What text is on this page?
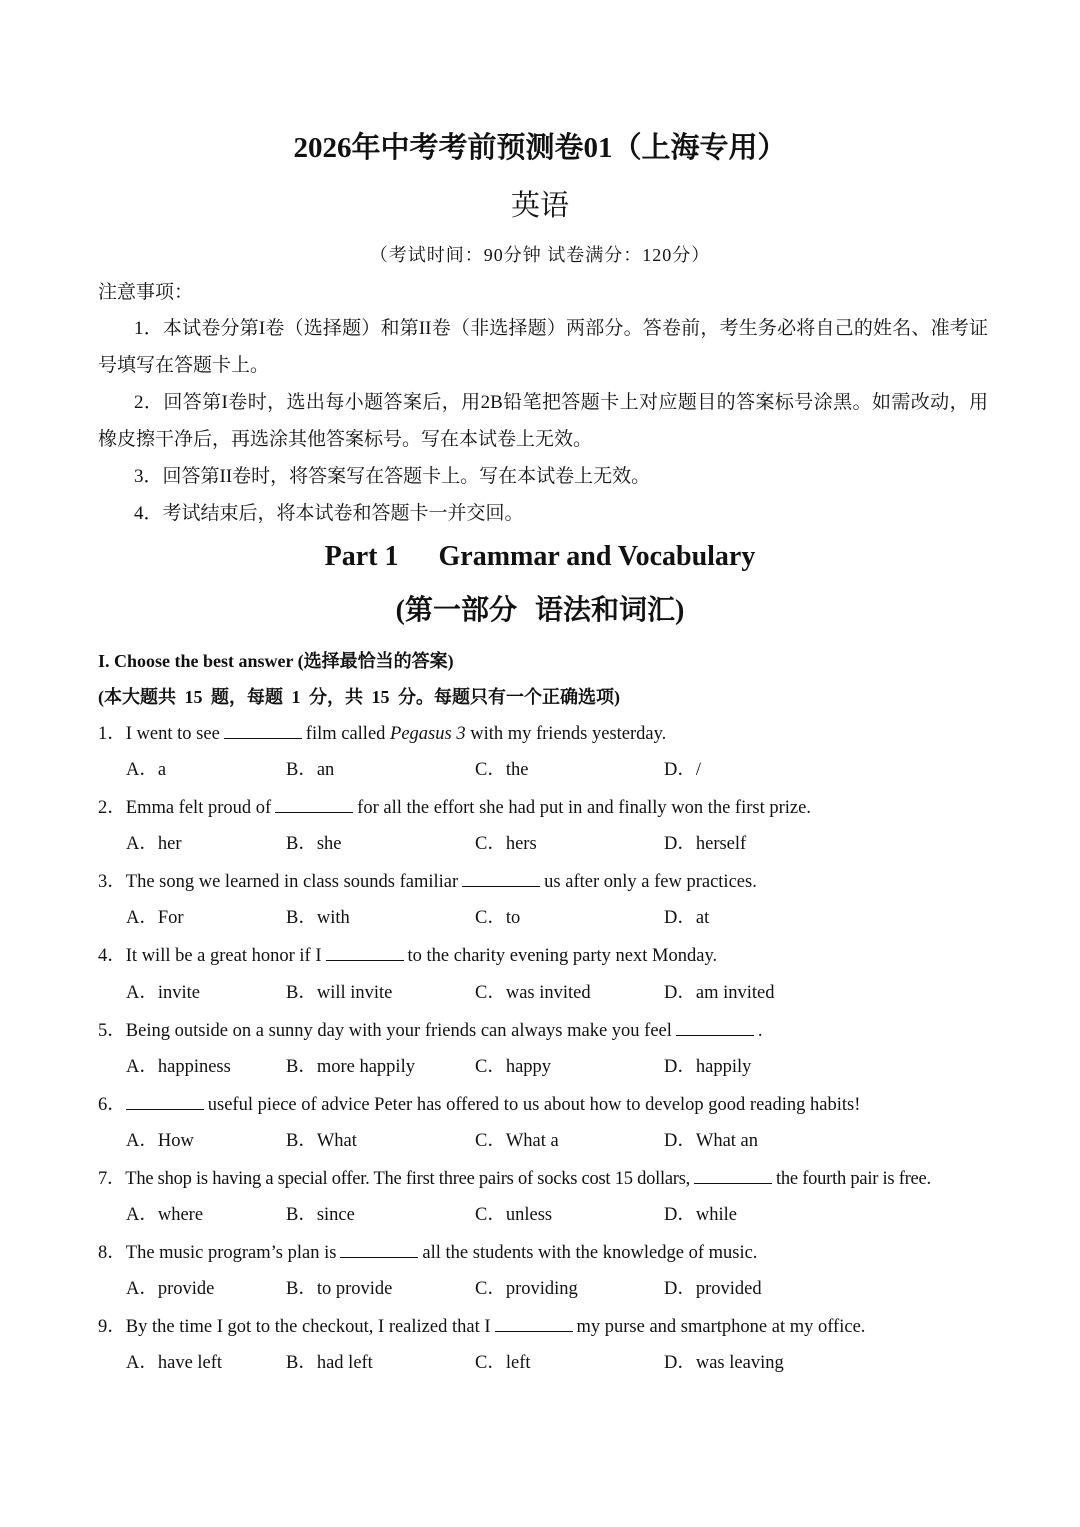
2026年中考考前预测卷01（上海专用）
英语
（考试时间：90分钟 试卷满分：120分）
注意事项：
1．本试卷分第I卷（选择题）和第II卷（非选择题）两部分。答卷前，考生务必将自己的姓名、准考证号填写在答题卡上。
2．回答第I卷时，选出每小题答案后，用2B铅笔把答题卡上对应题目的答案标号涂黑。如需改动，用橡皮擦干净后，再选涂其他答案标号。写在本试卷上无效。
3．回答第II卷时，将答案写在答题卡上。写在本试卷上无效。
4．考试结束后，将本试卷和答题卡一并交回。
Part 1 Grammar and Vocabulary
(第一部分 语法和词汇)
I. Choose the best answer (选择最恰当的答案)
(本大题共 15 题，每题 1 分，共 15 分。每题只有一个正确选项)
1．I went to see	film called Pegasus 3 with my friends yesterday.
A．a	B．an	C．the	D．/
2．Emma felt proud of	for all the effort she had put in and finally won the first prize.
A．her	B．she	C．hers	D．herself
3．The song we learned in class sounds familiar	us after only a few practices.
A．For	B．with	C．to	D．at
4．It will be a great honor if I	to the charity evening party next Monday.
A．invite	B．will invite	C．was invited	D．am invited
5．Being outside on a sunny day with your friends can always make you feel	.
A．happiness	B．more happily	C．happy	D．happily
6．	useful piece of advice Peter has offered to us about how to develop good reading habits!
A．How	B．What	C．What a	D．What an
7．The shop is having a special offer. The first three pairs of socks cost 15 dollars,	the fourth pair is free.
A．where	B．since	C．unless	D．while
8．The music program’s plan is	all the students with the knowledge of music.
A．provide	B．to provide	C．providing	D．provided
9．By the time I got to the checkout, I realized that I	my purse and smartphone at my office.
A．have left	B．had left	C．left	D．was leaving
